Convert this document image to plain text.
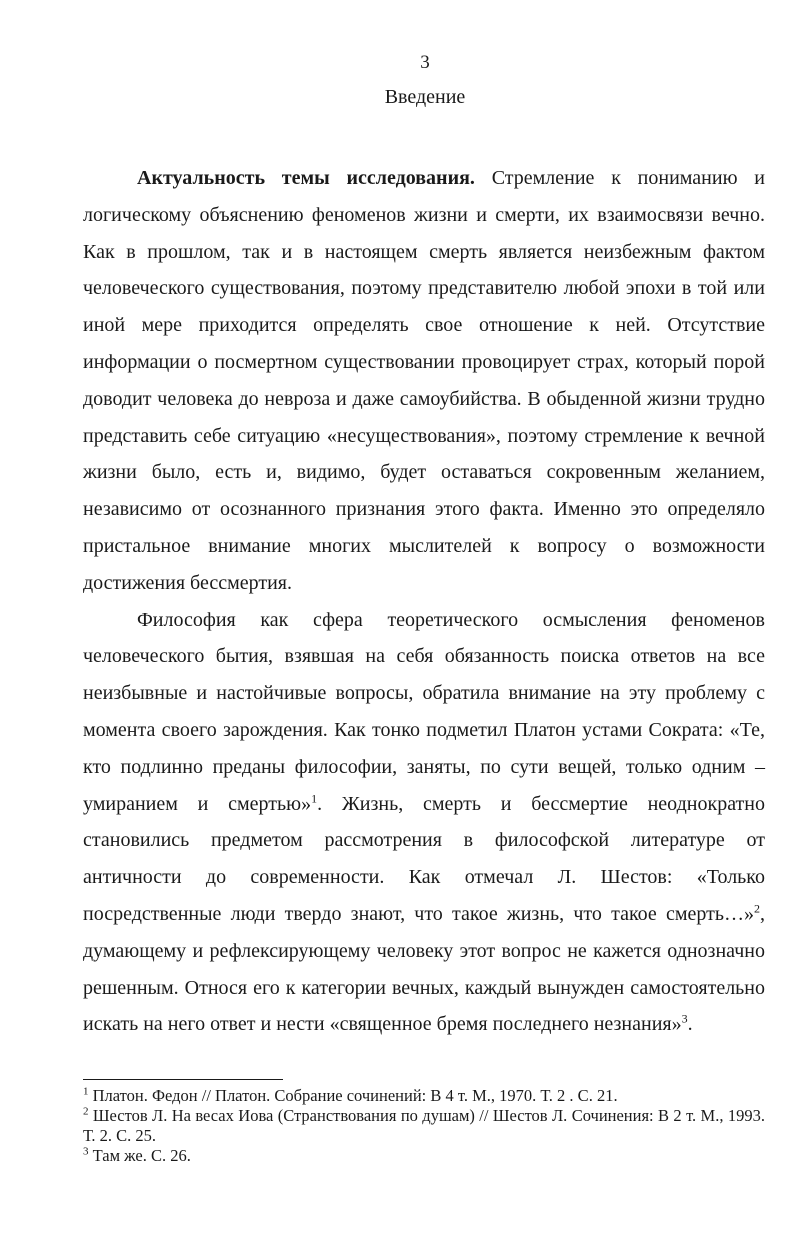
3
Введение

Актуальность темы исследования. Стремление к пониманию и логическому объяснению феноменов жизни и смерти, их взаимосвязи вечно. Как в прошлом, так и в настоящем смерть является неизбежным фактом человеческого существования, поэтому представителю любой эпохи в той или иной мере приходится определять свое отношение к ней. Отсутствие информации о посмертном существовании провоцирует страх, который порой доводит человека до невроза и даже самоубийства. В обыденной жизни трудно представить себе ситуацию «несуществования», поэтому стремление к вечной жизни было, есть и, видимо, будет оставаться сокровенным желанием, независимо от осознанного признания этого факта. Именно это определяло пристальное внимание многих мыслителей к вопросу о возможности достижения бессмертия.

Философия как сфера теоретического осмысления феноменов человеческого бытия, взявшая на себя обязанность поиска ответов на все неизбывные и настойчивые вопросы, обратила внимание на эту проблему с момента своего зарождения. Как тонко подметил Платон устами Сократа: «Те, кто подлинно преданы философии, заняты, по сути вещей, только одним – умиранием и смертью»$^1$. Жизнь, смерть и бессмертие неоднократно становились предметом рассмотрения в философской литературе от античности до современности. Как отмечал Л. Шестов: «Только посредственные люди твердо знают, что такое жизнь, что такое смерть…»$^2$, думающему и рефлексирующему человеку этот вопрос не кажется однозначно решенным. Относя его к категории вечных, каждый вынужден самостоятельно искать на него ответ и нести «священное бремя последнего незнания»$^3$.

$^1$ Платон. Федон // Платон. Собрание сочинений: В 4 т. М., 1970. Т. 2 . С. 21.

$^2$ Шестов Л. На весах Иова (Странствования по душам) // Шестов Л. Сочинения: В 2 т. М., 1993. Т. 2. С. 25.

$^3$ Там же. С. 26.
